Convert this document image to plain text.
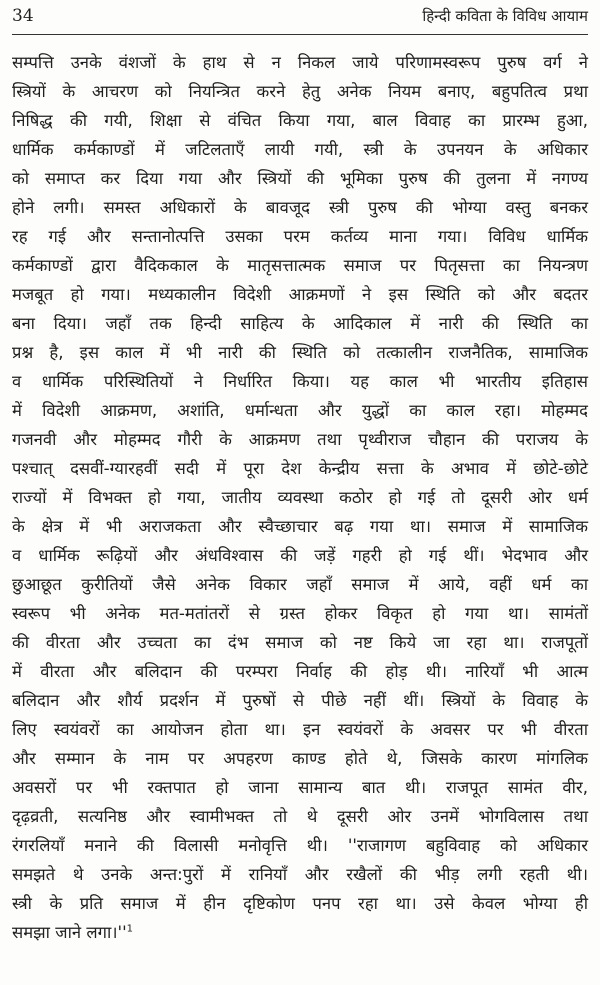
34	हिन्दी कविता के विविध आयाम
सम्पत्ति उनके वंशजों के हाथ से न निकल जाये परिणामस्वरूप पुरुष वर्ग ने
स्त्रियों के आचरण को नियन्त्रित करने हेतु अनेक नियम बनाए, बहुपतित्व प्रथा
निषिद्ध की गयी, शिक्षा से वंचित किया गया, बाल विवाह का प्रारम्भ हुआ,
धार्मिक कर्मकाण्डों में जटिलताएँ लायी गयी, स्त्री के उपनयन के अधिकार
को समाप्त कर दिया गया और स्त्रियों की भूमिका पुरुष की तुलना में नगण्य
होने लगी। समस्त अधिकारों के बावजूद स्त्री पुरुष की भोग्या वस्तु बनकर
रह गई और सन्तानोत्पत्ति उसका परम कर्तव्य माना गया। विविध धार्मिक
कर्मकाण्डों द्वारा वैदिककाल के मातृसत्तात्मक समाज पर पितृसत्ता का नियन्त्रण
मजबूत हो गया। मध्यकालीन विदेशी आक्रमणों ने इस स्थिति को और बदतर
बना दिया। जहाँ तक हिन्दी साहित्य के आदिकाल में नारी की स्थिति का
प्रश्न है, इस काल में भी नारी की स्थिति को तत्कालीन राजनैतिक, सामाजिक
व धार्मिक परिस्थितियों ने निर्धारित किया। यह काल भी भारतीय इतिहास
में विदेशी आक्रमण, अशांति, धर्मान्धता और युद्धों का काल रहा। मोहम्मद
गजनवी और मोहम्मद गौरी के आक्रमण तथा पृथ्वीराज चौहान की पराजय के
पश्चात् दसवीं-ग्यारहवीं सदी में पूरा देश केन्द्रीय सत्ता के अभाव में छोटे-छोटे
राज्यों में विभक्त हो गया, जातीय व्यवस्था कठोर हो गई तो दूसरी ओर धर्म
के क्षेत्र में भी अराजकता और स्वैच्छाचार बढ़ गया था। समाज में सामाजिक
व धार्मिक रूढ़ियों और अंधविश्वास की जड़ें गहरी हो गई थीं। भेदभाव और
छुआछूत कुरीतियों जैसे अनेक विकार जहाँ समाज में आये, वहीं धर्म का
स्वरूप भी अनेक मत-मतांतरों से ग्रस्त होकर विकृत हो गया था। सामंतों
की वीरता और उच्चता का दंभ समाज को नष्ट किये जा रहा था। राजपूतों
में वीरता और बलिदान की परम्परा निर्वाह की होड़ थी। नारियाँ भी आत्म
बलिदान और शौर्य प्रदर्शन में पुरुषों से पीछे नहीं थीं। स्त्रियों के विवाह के
लिए स्वयंवरों का आयोजन होता था। इन स्वयंवरों के अवसर पर भी वीरता
और सम्मान के नाम पर अपहरण काण्ड होते थे, जिसके कारण मांगलिक
अवसरों पर भी रक्तपात हो जाना सामान्य बात थी। राजपूत सामंत वीर,
दृढ़व्रती, सत्यनिष्ठ और स्वामीभक्त तो थे दूसरी ओर उनमें भोगविलास तथा
रंगरलियाँ मनाने की विलासी मनोवृत्ति थी। ''राजागण बहुविवाह को अधिकार
समझते थे उनके अन्त:पुरों में रानियाँ और रखैलों की भीड़ लगी रहती थी।
स्त्री के प्रति समाज में हीन दृष्टिकोण पनप रहा था। उसे केवल भोग्या ही
समझा जाने लगा।''$^1$
